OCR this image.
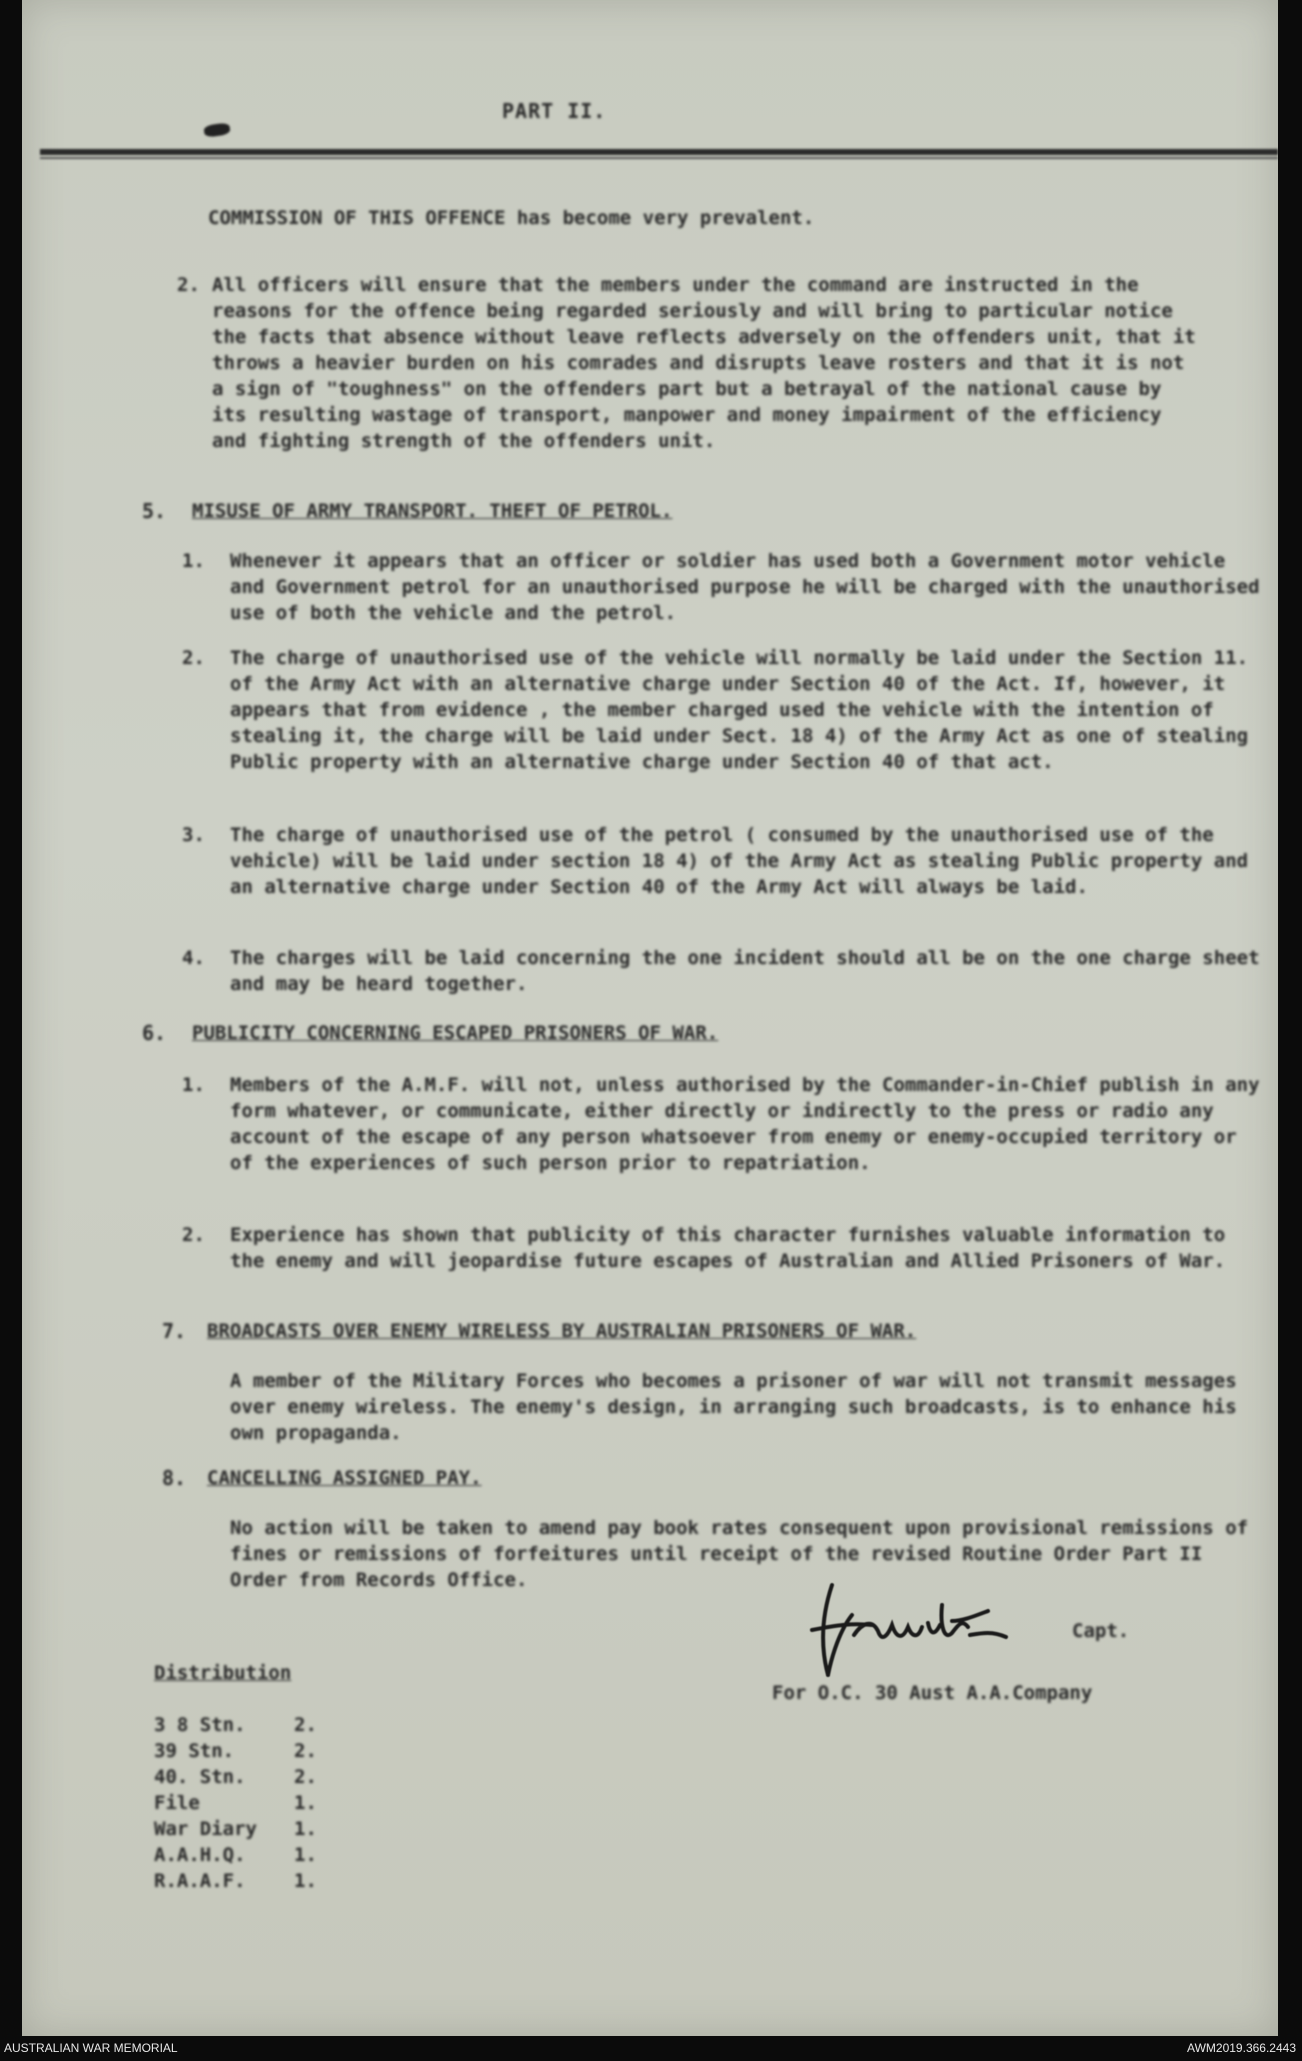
PART II.
COMMISSION OF THIS OFFENCE has become very prevalent.
2. All officers will ensure that the members under the command are instructed in the reasons for the offence being regarded seriously and will bring to particular notice the facts that absence without leave reflects adversely on the offenders unit, that it throws a heavier burden on his comrades and disrupts leave rosters and that it is not a sign of "toughness" on the offenders part but a betrayal of the national cause by its resulting wastage of transport, manpower and money impairment of the efficiency and fighting strength of the offenders unit.
5. MISUSE OF ARMY TRANSPORT. THEFT OF PETROL.
1. Whenever it appears that an officer or soldier has used both a Government motor vehicle and Government petrol for an unauthorised purpose he will be charged with the unauthorised use of both the vehicle and the petrol.
2. The charge of unauthorised use of the vehicle will normally be laid under the Section 11. of the Army Act with an alternative charge under Section 40 of the Act. If, however, it appears that from evidence , the member charged used the vehicle with the intention of stealing it, the charge will be laid under Sect. 18 4) of the Army Act as one of stealing Public property with an alternative charge under Section 40 of that act.
3. The charge of unauthorised use of the petrol ( consumed by the unauthorised use of the vehicle) will be laid under section 18 4) of the Army Act as stealing Public property and an alternative charge under Section 40 of the Army Act will always be laid.
4. The charges will be laid concerning the one incident should all be on the one charge sheet and may be heard together.
6. PUBLICITY CONCERNING ESCAPED PRISONERS OF WAR.
1. Members of the A.M.F. will not, unless authorised by the Commander-in-Chief publish in any form whatever, or communicate, either directly or indirectly to the press or radio any account of the escape of any person whatsoever from enemy or enemy-occupied territory or of the experiences of such person prior to repatriation.
2. Experience has shown that publicity of this character furnishes valuable information to the enemy and will jeopardise future escapes of Australian and Allied Prisoners of War.
7. BROADCASTS OVER ENEMY WIRELESS BY AUSTRALIAN PRISONERS OF WAR.
A member of the Military Forces who becomes a prisoner of war will not transmit messages over enemy wireless. The enemy's design, in arranging such broadcasts, is to enhance his own propaganda.
8. CANCELLING ASSIGNED PAY.
No action will be taken to amend pay book rates consequent upon provisional remissions of fines or remissions of forfeitures until receipt of the revised Routine Order Part II Order from Records Office.
Capt.
For O.C. 30 Aust A.A.Company
Distribution
3 8 Stn.	2.
39 Stn.	2.
40. Stn.	2.
File	1.
War Diary 1.
A.A.H.Q.	1.
R.A.A.F.	1.
AUSTRALIAN WAR MEMORIAL	AWM2019.366.2443
